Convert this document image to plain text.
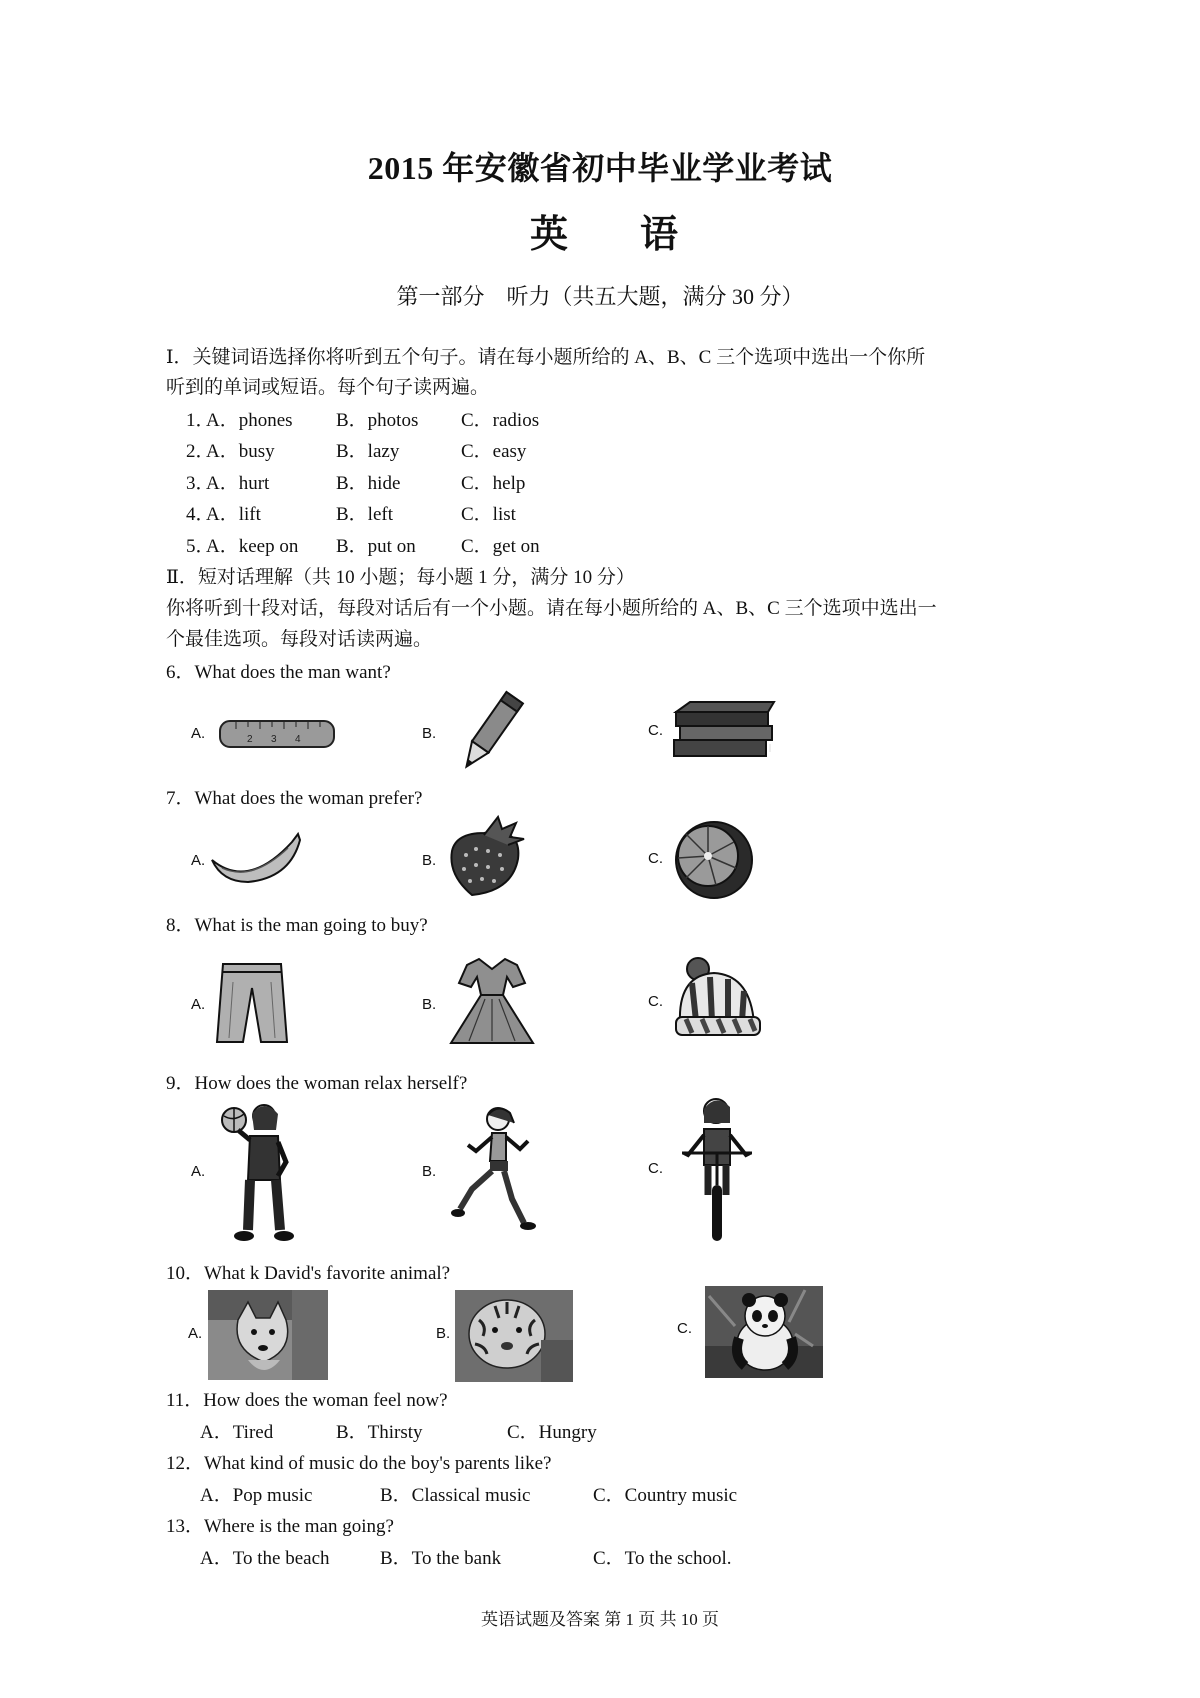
2015 年安徽省初中毕业学业考试
英 语
第一部分　听力（共五大题，满分 30 分）
Ⅰ．关键词语选择你将听到五个句子。请在每小题所给的 A、B、C 三个选项中选出一个你所
听到的单词或短语。每个句子读两遍。
1．
A．phones B．photos C．radios
2．
A．busy	B．lazy	C．easy
3．
A．hurt	B．hide	C．help
4．
A．lift	B．left	C．list
5．
A．keep on B．put on C．get on
Ⅱ．短对话理解（共 10 小题；每小题 1 分，满分 10 分）
你将听到十段对话，每段对话后有一个小题。请在每小题所给的 A、B、C 三个选项中选出一
个最佳选项。每段对话读两遍。
6．What does the man want?
A.	2 3 4	B.	C.
7．What does the woman prefer?
A.	B.	C.
8．What is the man going to buy?
A.	B.	C.
9．How does the woman relax herself?
A.	B.	C.
10．What k David's favorite animal?
A.	B.	C.
11．How does the woman feel now?
A．Tired	B．Thirsty	C．Hungry
12．What kind of music do the boy's parents like?
A．Pop music	B．Classical music	C．Country music
13．Where is the man going?
A．To the beach	B．To the bank	C．To the school.
英语试题及答案 第 1 页 共 10 页
